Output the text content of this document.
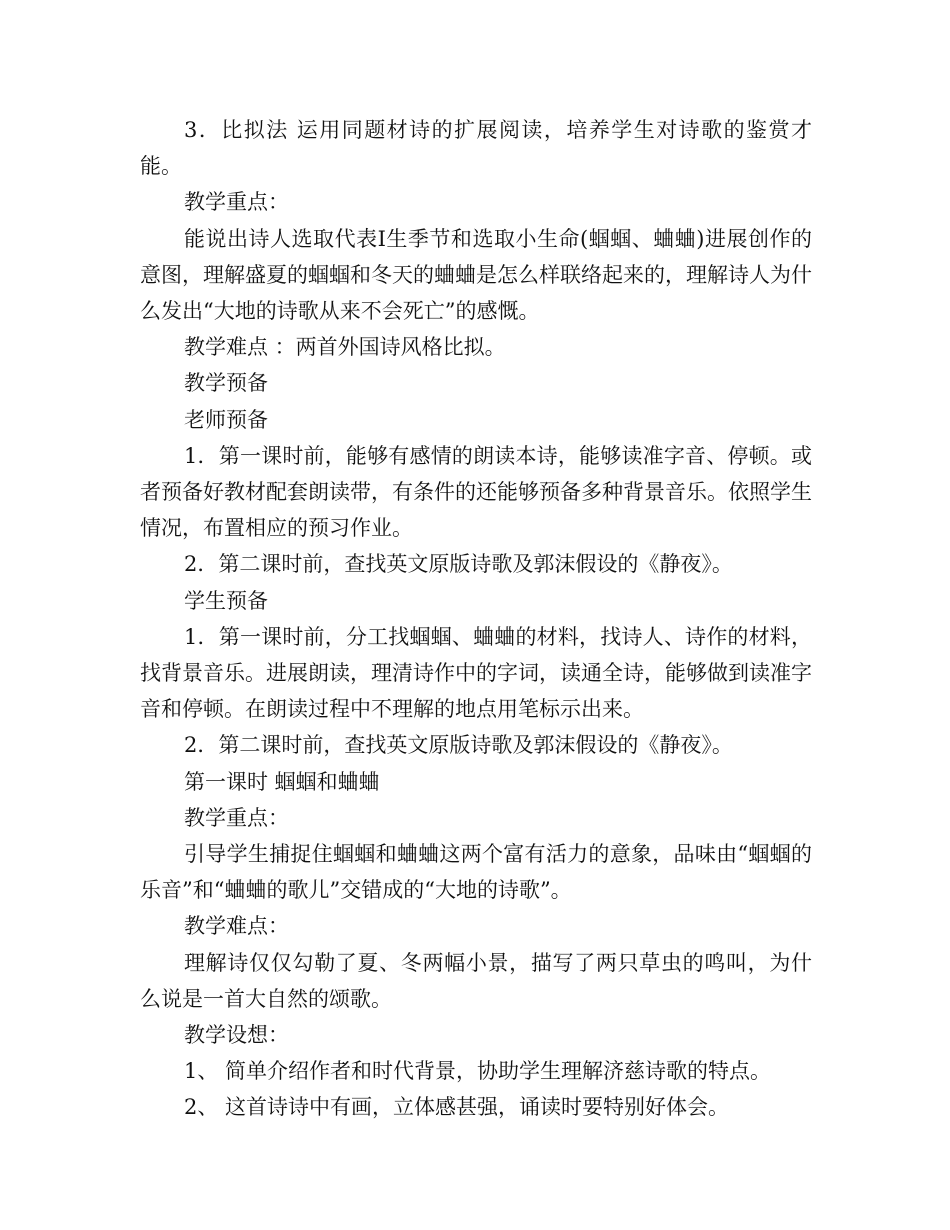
3．比拟法 运用同题材诗的扩展阅读，培养学生对诗歌的鉴赏才能。

教学重点：

能说出诗人选取代表Ⅰ生季节和选取小生命(蝈蝈、蛐蛐)进展创作的意图，理解盛夏的蝈蝈和冬天的蛐蛐是怎么样联络起来的，理解诗人为什么发出“大地的诗歌从来不会死亡”的感慨。

教学难点 ：两首外国诗风格比拟。

教学预备

老师预备

1．第一课时前，能够有感情的朗读本诗，能够读准字音、停顿。或者预备好教材配套朗读带，有条件的还能够预备多种背景音乐。依照学生情况，布置相应的预习作业。

2．第二课时前，查找英文原版诗歌及郭沫假设的《静夜》。

学生预备

1．第一课时前，分工找蝈蝈、蛐蛐的材料，找诗人、诗作的材料，找背景音乐。进展朗读，理清诗作中的字词，读通全诗，能够做到读准字音和停顿。在朗读过程中不理解的地点用笔标示出来。

2．第二课时前，查找英文原版诗歌及郭沫假设的《静夜》。

第一课时 蝈蝈和蛐蛐

教学重点：

引导学生捕捉住蝈蝈和蛐蛐这两个富有活力的意象，品味由“蝈蝈的乐音”和“蛐蛐的歌儿”交错成的“大地的诗歌”。

教学难点：

理解诗仅仅勾勒了夏、冬两幅小景，描写了两只草虫的鸣叫，为什么说是一首大自然的颂歌。

教学设想：

1、 简单介绍作者和时代背景，协助学生理解济慈诗歌的特点。

2、 这首诗诗中有画，立体感甚强，诵读时要特别好体会。
